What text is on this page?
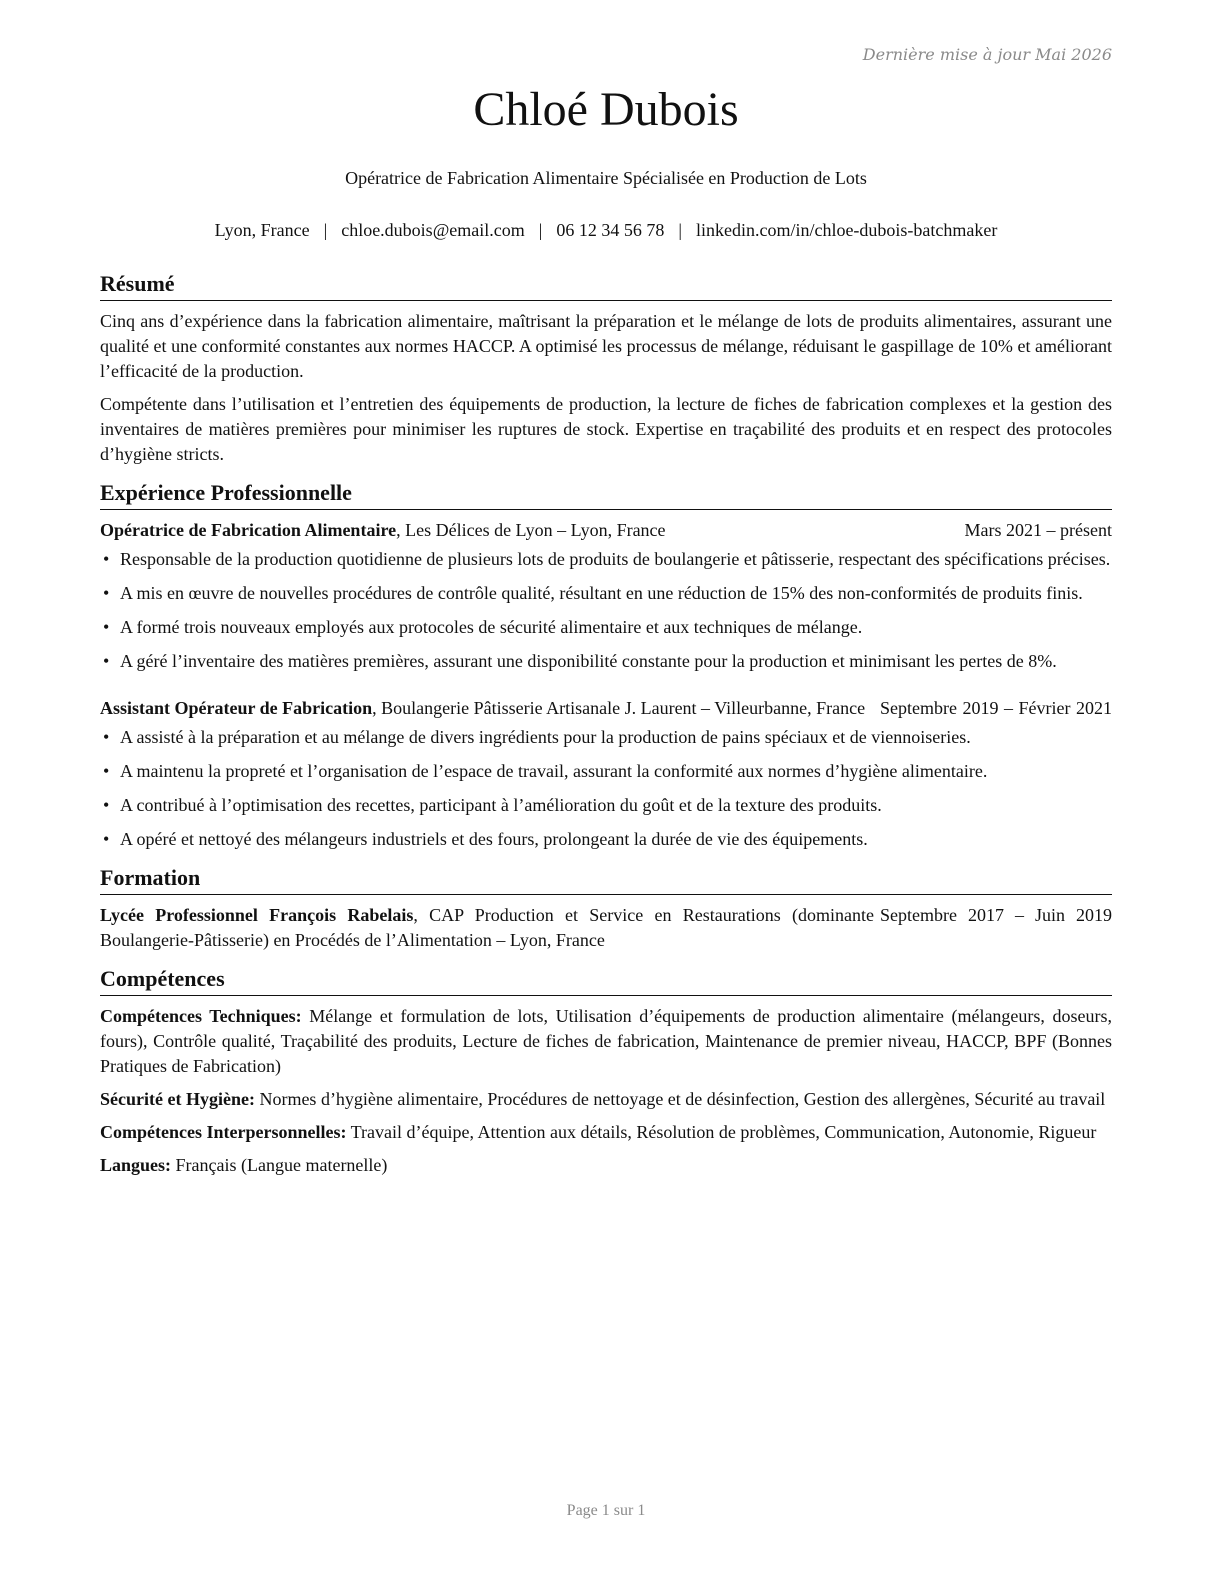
Dernière mise à jour Mai 2026
Chloé Dubois
Opératrice de Fabrication Alimentaire Spécialisée en Production de Lots
Lyon, France | chloe.dubois@email.com | 06 12 34 56 78 | linkedin.com/in/chloe-dubois-batchmaker
Résumé

Cinq ans d’expérience dans la fabrication alimentaire, maîtrisant la préparation et le mélange de lots de produits alimentaires, assurant une qualité et une conformité constantes aux normes HACCP. A optimisé les processus de mélange, réduisant le gaspillage de 10% et améliorant l’efficacité de la production.

Compétente dans l’utilisation et l’entretien des équipements de production, la lecture de fiches de fabrication complexes et la gestion des inventaires de matières premières pour minimiser les ruptures de stock. Expertise en traçabilité des produits et en respect des protocoles d’hygiène stricts.

Expérience Professionnelle
Opératrice de Fabrication Alimentaire, Les Délices de Lyon – Lyon, France	Mars 2021 – présent
• Responsable de la production quotidienne de plusieurs lots de produits de boulangerie et pâtisserie, respectant des spécifications précises.
• A mis en œuvre de nouvelles procédures de contrôle qualité, résultant en une réduction de 15% des non-conformités de produits finis.
• A formé trois nouveaux employés aux protocoles de sécurité alimentaire et aux techniques de mélange.
• A géré l’inventaire des matières premières, assurant une disponibilité constante pour la production et minimisant les pertes de 8%.
Assistant Opérateur de Fabrication, Boulangerie Pâtisserie Artisanale J. Laurent – Villeurbanne, France Septembre 2019 – Février 2021
• A assisté à la préparation et au mélange de divers ingrédients pour la production de pains spéciaux et de viennoiseries.
• A maintenu la propreté et l’organisation de l’espace de travail, assurant la conformité aux normes d’hygiène alimentaire.
• A contribué à l’optimisation des recettes, participant à l’amélioration du goût et de la texture des produits.
• A opéré et nettoyé des mélangeurs industriels et des fours, prolongeant la durée de vie des équipements.
Formation
Lycée Professionnel François Rabelais, CAP Production et Service en Restaurations (dominante Boulangerie-Pâtisserie) en Procédés de l’Alimentation – Lyon, France
Septembre 2017 – Juin 2019
Compétences

Compétences Techniques: Mélange et formulation de lots, Utilisation d’équipements de production alimentaire (mélangeurs, doseurs, fours), Contrôle qualité, Traçabilité des produits, Lecture de fiches de fabrication, Maintenance de premier niveau, HACCP, BPF (Bonnes Pratiques de Fabrication)

Sécurité et Hygiène: Normes d’hygiène alimentaire, Procédures de nettoyage et de désinfection, Gestion des allergènes, Sécurité au travail

Compétences Interpersonnelles: Travail d’équipe, Attention aux détails, Résolution de problèmes, Communication, Autonomie, Rigueur

Langues: Français (Langue maternelle)

Page 1 sur 1
